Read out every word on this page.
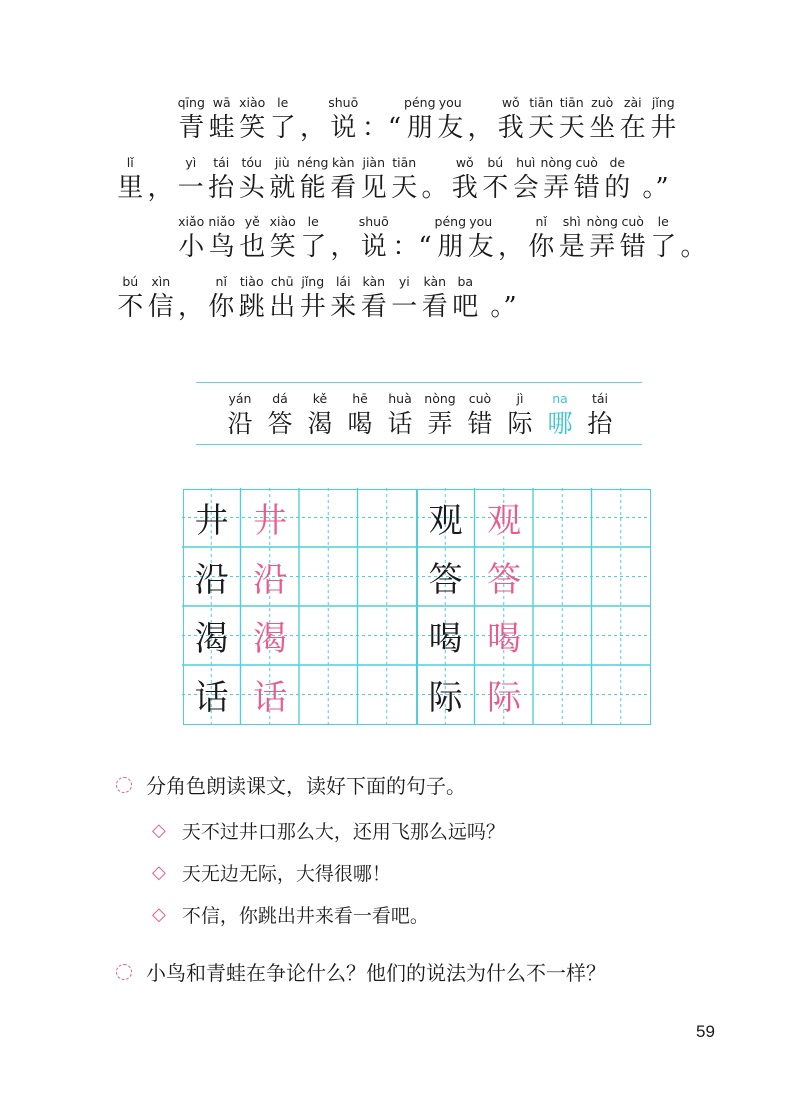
qīng
青
wā
蛙
xiào
笑
le
了 ，
shuō
说 ：“
péng
朋
you
友 ，
wǒ
我
tiān
天
tiān
天
zuò
坐
zài
在
jǐng
井
lǐ
里 ，
yì
一
tái
抬
tóu
头
jiù
就
néng
能
kàn
看
jiàn
见
tiān
天 。
wǒ
我
bú
不
huì
会
nòng
弄
cuò
错
de
的 。”
xiǎo
小
niǎo
鸟
yě
也
xiào
笑
le
了 ，
shuō
说 ：“
péng
朋
you
友 ，
nǐ
你
shì
是
nòng
弄
cuò
错
le
了 。
bú
不
xìn
信 ，
nǐ
你
tiào
跳
chū
出
jǐng
井
lái
来
kàn
看
yi
一
kàn
看
ba
吧 。”
yán
沿
dá
答
kě
渴
hē
喝
huà
话
nòng
弄
cuò
错
jì
际
na
哪
tái
抬
井 井
沿 沿
渴 渴
话 话
观 观
答 答
喝 喝
际 际
分角色朗读课文，读好下面的句子。
◇ 天不过井口那么大，还用飞那么远吗？
◇ 天无边无际，大得很哪！
◇ 不信，你跳出井来看一看吧。
小鸟和青蛙在争论什么？他们的说法为什么不一样？
59
